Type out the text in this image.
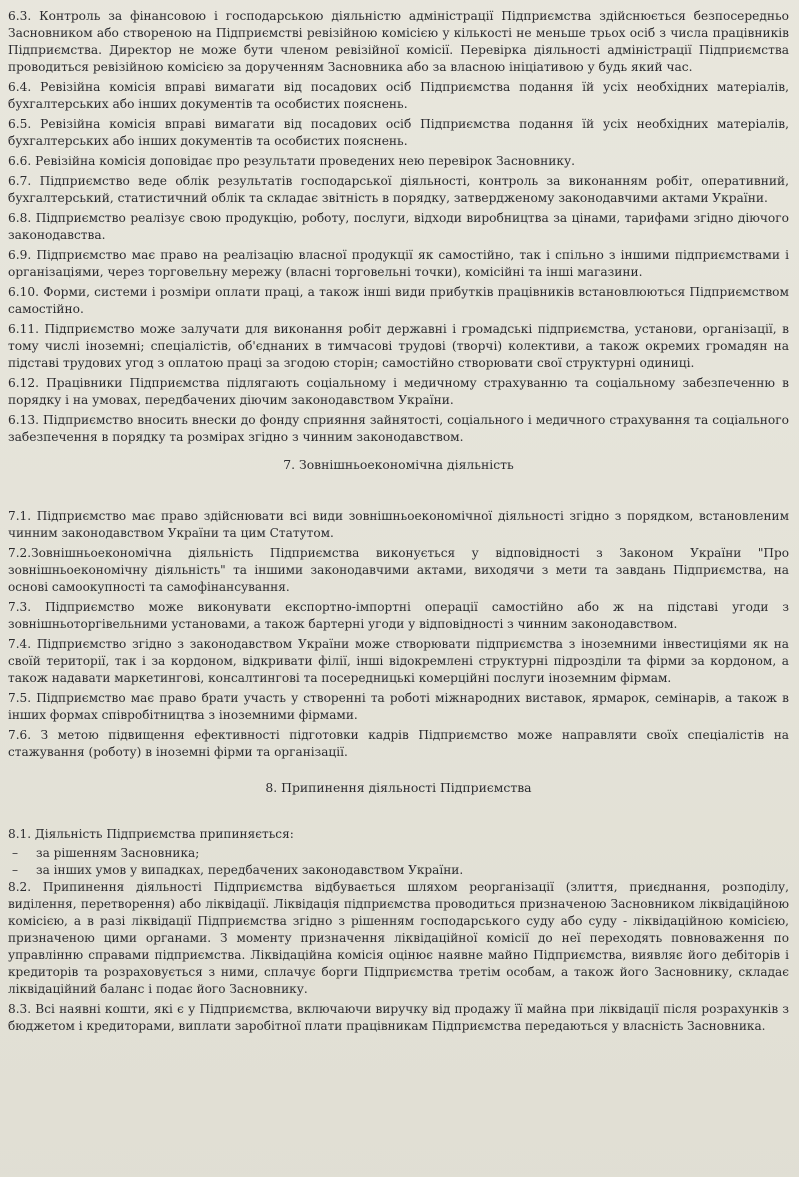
6.3. Контроль за фінансовою і господарською діяльністю адміністрації Підприємства здійснюється безпосередньо Засновником або створеною на Підприємстві ревізійною комісією у кількості не меньше трьох осіб з числа працівників Підприємства. Директор не може бути членом ревізійної комісії. Перевірка діяльності адміністрації Підприємства проводиться ревізійною комісією за дорученням Засновника або за власною ініціативою у будь який час.

6.4. Ревізійна комісія вправі вимагати від посадових осіб Підприємства подання їй усіх необхідних матеріалів, бухгалтерських або інших документів та особистих пояснень.

6.5. Ревізійна комісія вправі вимагати від посадових осіб Підприємства подання їй усіх необхідних матеріалів, бухгалтерських або інших документів та особистих пояснень.

6.6. Ревізійна комісія доповідає про результати проведених нею перевірок Засновнику.

6.7. Підприємство веде облік результатів господарської діяльності, контроль за виконанням робіт, оперативний, бухгалтерський, статистичний облік та складає звітність в порядку, затвердженому законодавчими актами України.

6.8. Підприємство реалізує свою продукцію, роботу, послуги, відходи виробництва за цінами, тарифами згідно діючого законодавства.

6.9. Підприємство має право на реалізацію власної продукції як самостійно, так і спільно з іншими підприємствами і організаціями, через торговельну мережу (власні торговельні точки), комісійні та інші магазини.

6.10. Форми, системи і розміри оплати праці, а також інші види прибутків працівників встановлюються Підприємством самостійно.

6.11. Підприємство може залучати для виконання робіт державні і громадські підприємства, установи, організації, в тому числі іноземні; спеціалістів, об'єднаних в тимчасові трудові (творчі) колективи, а також окремих громадян на підставі трудових угод з оплатою праці за згодою сторін; самостійно створювати свої структурні одиниці.

6.12. Працівники Підприємства підлягають соціальному і медичному страхуванню та соціальному забезпеченню в порядку і на умовах, передбачених діючим законодавством України.

6.13. Підприємство вносить внески до фонду сприяння зайнятості, соціального і медичного страхування та соціального забезпечення в порядку та розмірах згідно з чинним законодавством.

7. Зовнішньоекономічна діяльність

7.1. Підприємство має право здійснювати всі види зовнішньоекономічної діяльності згідно з порядком, встановленим чинним законодавством України та цим Статутом.

7.2.Зовнішньоекономічна діяльність Підприємства виконується у відповідності з Законом України "Про зовнішньоекономічну діяльність" та іншими законодавчими актами, виходячи з мети та завдань Підприємства, на основі самоокупності та самофінансування.

7.3. Підприємство може виконувати експортно-імпортні операції самостійно або ж на підставі угоди з зовнішньоторгівельними установами, а також бартерні угоди у відповідності з чинним законодавством.

7.4. Підприємство згідно з законодавством України може створювати підприємства з іноземними інвестиціями як на своїй території, так і за кордоном, відкривати філії, інші відокремлені структурні підрозділи та фірми за кордоном, а також надавати маркетингові, консалтингові та посередницькі комерційні послуги іноземним фірмам.

7.5. Підприємство має право брати участь у створенні та роботі міжнародних виставок, ярмарок, семінарів, а також в інших формах співробітництва з іноземними фірмами.

7.6. З метою підвищення ефективності підготовки кадрів Підприємство може направляти своїх спеціалістів на стажування (роботу) в іноземні фірми та організації.

8. Припинення діяльності Підприємства

8.1. Діяльність Підприємства припиняється:

– за рішенням Засновника;
– за інших умов у випадках, передбачених законодавством України.

8.2. Припинення діяльності Підприємства відбувається шляхом реорганізації (злиття, приєднання, розподілу, виділення, перетворення) або ліквідації. Ліквідація підприємства проводиться призначеною Засновником ліквідаційною комісією, а в разі ліквідації Підприємства згідно з рішенням господарського суду або суду - ліквідаційною комісією, призначеною цими органами. З моменту призначення ліквідаційної комісії до неї переходять повноваження по управлінню справами підприємства. Ліквідаційна комісія оцінює наявне майно Підприємства, виявляє його дебіторів і кредиторів та розраховується з ними, сплачує борги Підприємства третім особам, а також його Засновнику, складає ліквідаційний баланс і подає його Засновнику.

8.3. Всі наявні кошти, які є у Підприємства, включаючи виручку від продажу її майна при ліквідації після розрахунків з бюджетом і кредиторами, виплати заробітної плати працівникам Підприємства передаються у власність Засновника.
